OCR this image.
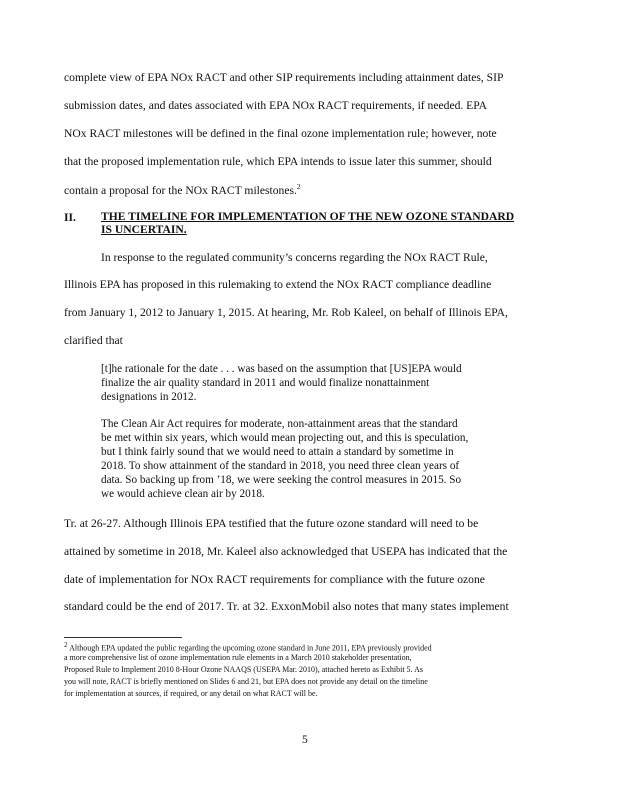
complete view of EPA NOx RACT and other SIP requirements including attainment dates, SIP
submission dates, and dates associated with EPA NOx RACT requirements, if needed. EPA
NOx RACT milestones will be defined in the final ozone implementation rule; however, note
that the proposed implementation rule, which EPA intends to issue later this summer, should
contain a proposal for the NOx RACT milestones.$^2$
II. THE TIMELINE FOR IMPLEMENTATION OF THE NEW OZONE STANDARD
IS UNCERTAIN.
In response to the regulated community’s concerns regarding the NOx RACT Rule,
Illinois EPA has proposed in this rulemaking to extend the NOx RACT compliance deadline
from January 1, 2012 to January 1, 2015. At hearing, Mr. Rob Kaleel, on behalf of Illinois EPA,
clarified that
[t]he rationale for the date . . . was based on the assumption that [US]EPA would
finalize the air quality standard in 2011 and would finalize nonattainment
designations in 2012.
The Clean Air Act requires for moderate, non-attainment areas that the standard
be met within six years, which would mean projecting out, and this is speculation,
but I think fairly sound that we would need to attain a standard by sometime in
2018. To show attainment of the standard in 2018, you need three clean years of
data. So backing up from ’18, we were seeking the control measures in 2015. So
we would achieve clean air by 2018.
Tr. at 26-27. Although Illinois EPA testified that the future ozone standard will need to be
attained by sometime in 2018, Mr. Kaleel also acknowledged that USEPA has indicated that the
date of implementation for NOx RACT requirements for compliance with the future ozone
standard could be the end of 2017. Tr. at 32. ExxonMobil also notes that many states implement
2 Although EPA updated the public regarding the upcoming ozone standard in June 2011, EPA previously provided
a more comprehensive list of ozone implementation rule elements in a March 2010 stakeholder presentation,
Proposed Rule to Implement 2010 8-Hour Ozone NAAQS (USEPA Mar. 2010), attached hereto as Exhibit 5. As
you will note, RACT is briefly mentioned on Slides 6 and 21, but EPA does not provide any detail on the timeline
for implementation at sources, if required, or any detail on what RACT will be.
5
